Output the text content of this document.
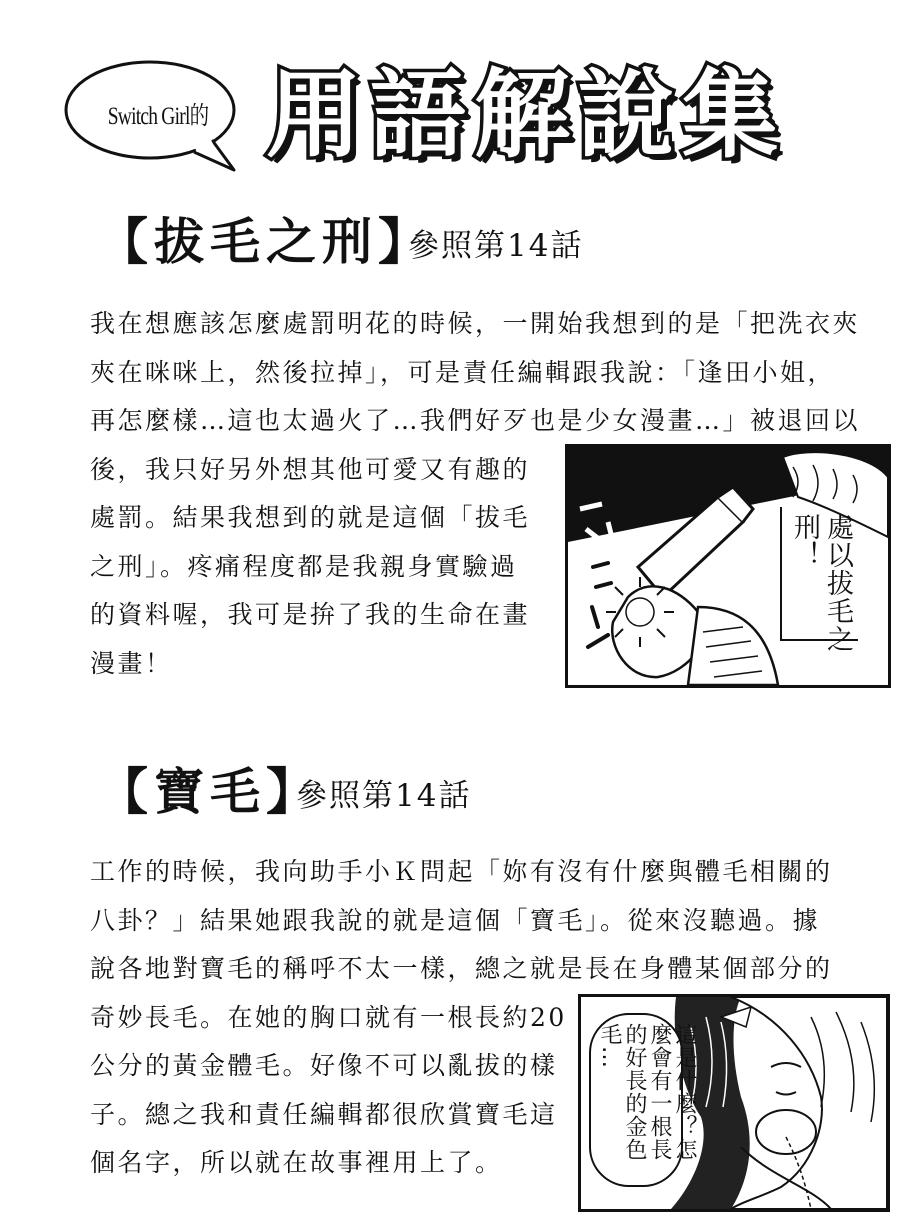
Switch Girl的 用語解說集
【拔毛之刑】
參照第14話
我在想應該怎麼處罰明花的時候，一開始我想到的是「把洗衣夾
夾在咪咪上，然後拉掉」，可是責任編輯跟我說：「逢田小姐，
再怎麼樣…這也太過火了…我們好歹也是少女漫畫…」被退回以
後，我只好另外想其他可愛又有趣的
處罰。結果我想到的就是這個「拔毛
之刑」。疼痛程度都是我親身實驗過
的資料喔，我可是拚了我的生命在畫
漫畫！
處以拔毛之刑！
【寶毛】
參照第14話
工作的時候，我向助手小Ｋ問起「妳有沒有什麼與體毛相關的
八卦？」結果她跟我說的就是這個「寶毛」。從來沒聽過。據
說各地對寶毛的稱呼不太一樣，總之就是長在身體某個部分的
奇妙長毛。在她的胸口就有一根長約20
公分的黃金體毛。好像不可以亂拔的樣
子。總之我和責任編輯都很欣賞寶毛這
個名字，所以就在故事裡用上了。
這是什麼？怎麼會有一根長的好長的金色毛…
